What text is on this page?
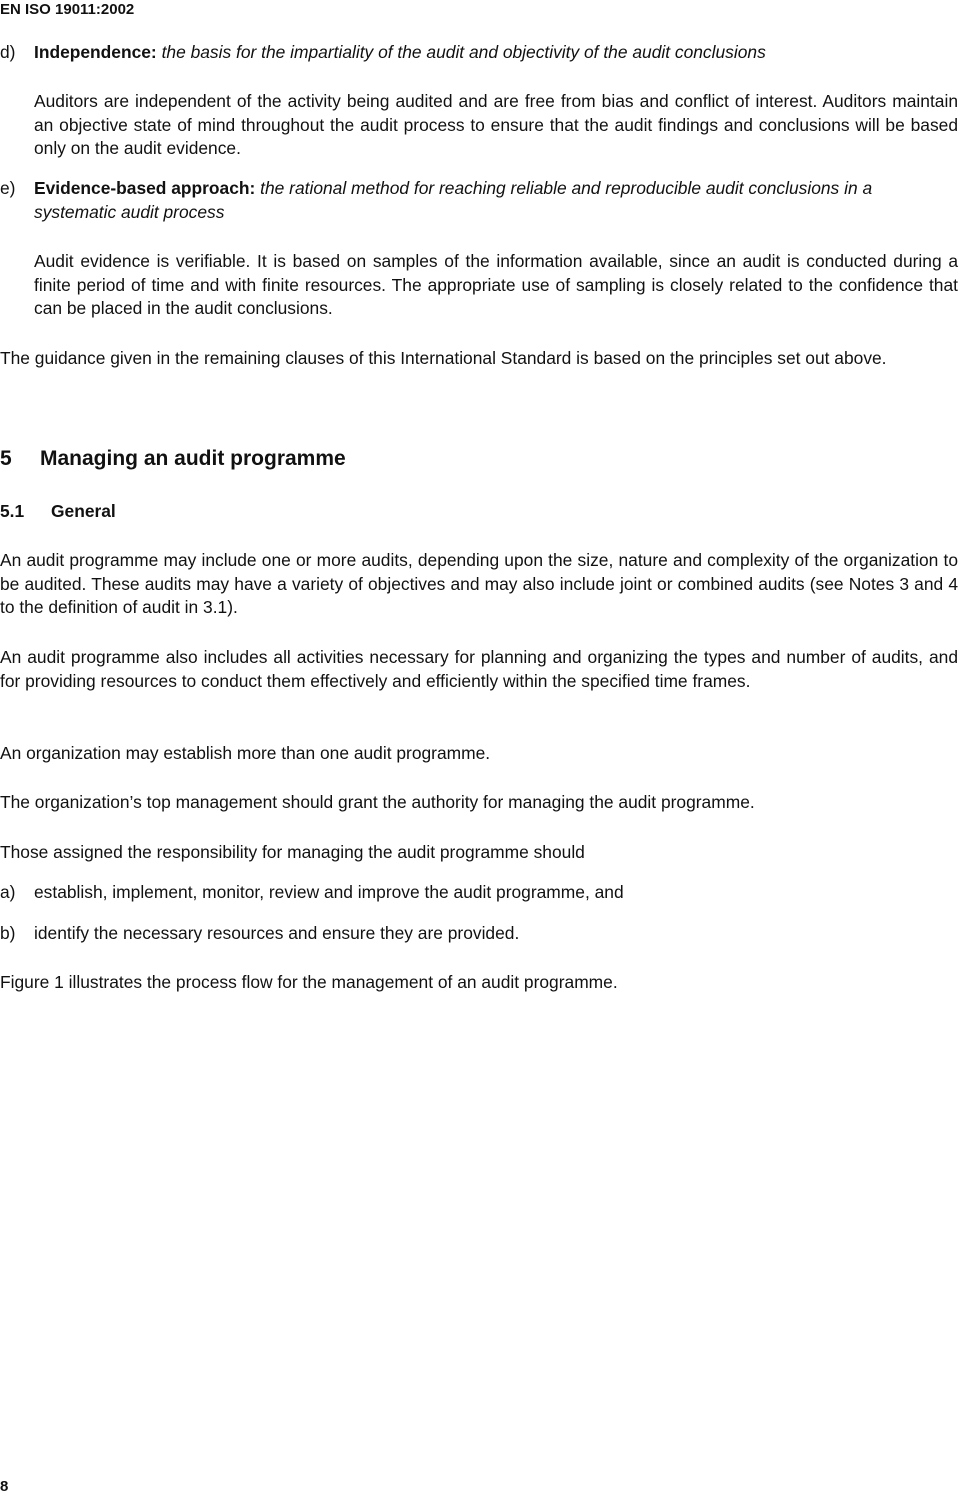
EN ISO 19011:2002
d) Independence: the basis for the impartiality of the audit and objectivity of the audit conclusions
Auditors are independent of the activity being audited and are free from bias and conflict of interest. Auditors maintain an objective state of mind throughout the audit process to ensure that the audit findings and conclusions will be based only on the audit evidence.
e) Evidence-based approach: the rational method for reaching reliable and reproducible audit conclusions in a systematic audit process
Audit evidence is verifiable. It is based on samples of the information available, since an audit is conducted during a finite period of time and with finite resources. The appropriate use of sampling is closely related to the confidence that can be placed in the audit conclusions.
The guidance given in the remaining clauses of this International Standard is based on the principles set out above.
5 Managing an audit programme
5.1 General
An audit programme may include one or more audits, depending upon the size, nature and complexity of the organization to be audited. These audits may have a variety of objectives and may also include joint or combined audits (see Notes 3 and 4 to the definition of audit in 3.1).
An audit programme also includes all activities necessary for planning and organizing the types and number of audits, and for providing resources to conduct them effectively and efficiently within the specified time frames.
An organization may establish more than one audit programme.
The organization’s top management should grant the authority for managing the audit programme.
Those assigned the responsibility for managing the audit programme should
a) establish, implement, monitor, review and improve the audit programme, and
b) identify the necessary resources and ensure they are provided.
Figure 1 illustrates the process flow for the management of an audit programme.
8
